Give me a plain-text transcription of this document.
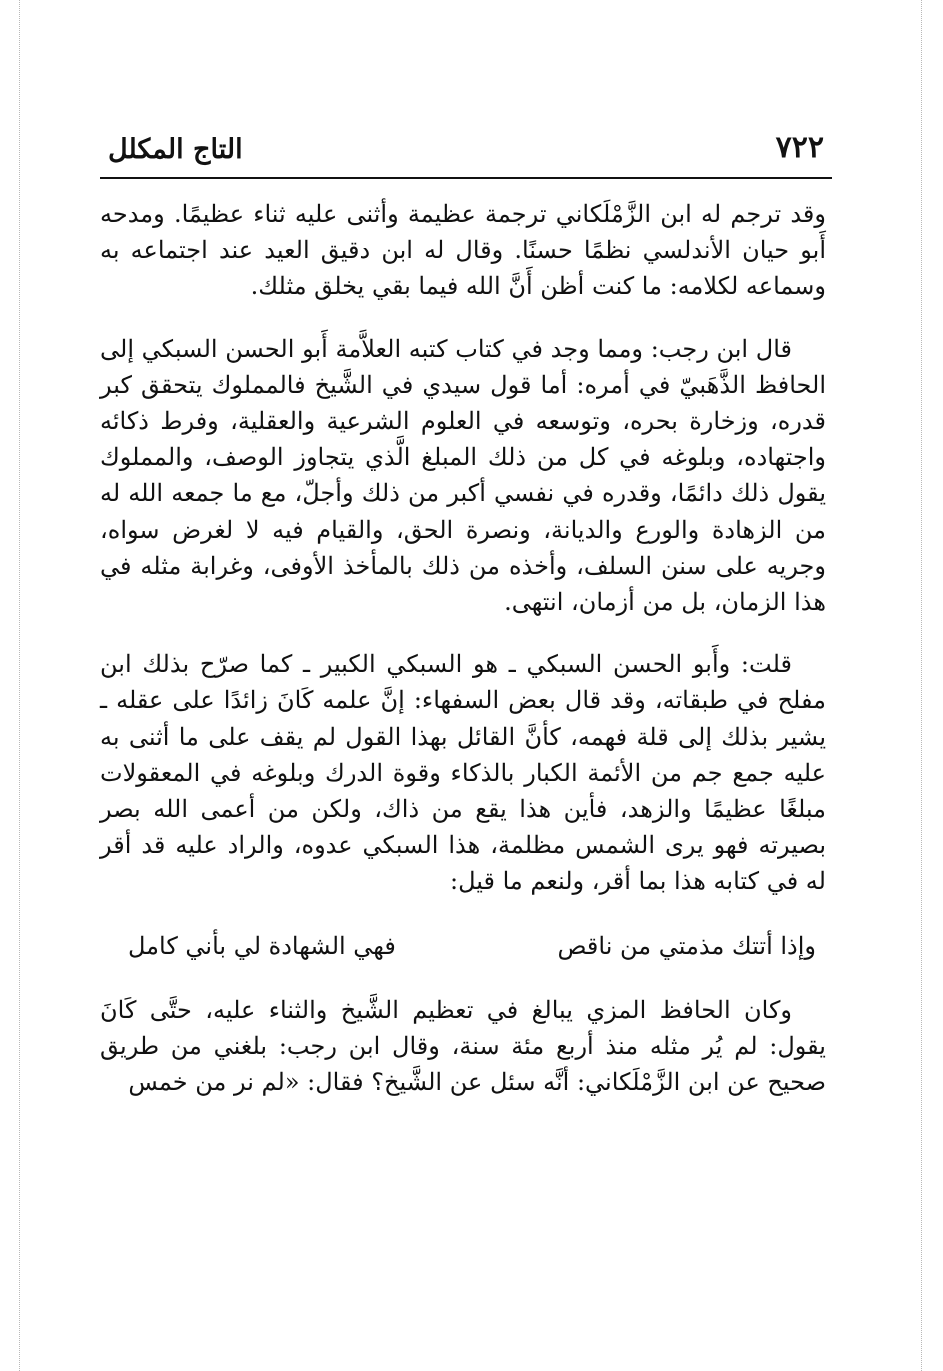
٧٢٢
التاج المكلل

وقد ترجم له ابن الزَّمْلَكاني ترجمة عظيمة وأثنى عليه ثناء عظيمًا. ومدحه أَبو حيان الأندلسي نظمًا حسنًا. وقال له ابن دقيق العيد عند اجتماعه به وسماعه لكلامه: ما كنت أظن أَنَّ الله فيما بقي يخلق مثلك.

قال ابن رجب: ومما وجد في كتاب كتبه العلاَّمة أَبو الحسن السبكي إلى الحافظ الذَّهَبيّ في أمره: أما قول سيدي في الشَّيخ فالمملوك يتحقق كبر قدره، وزخارة بحره، وتوسعه في العلوم الشرعية والعقلية، وفرط ذكائه واجتهاده، وبلوغه في كل من ذلك المبلغ الَّذي يتجاوز الوصف، والمملوك يقول ذلك دائمًا، وقدره في نفسي أكبر من ذلك وأجلّ، مع ما جمعه الله له من الزهادة والورع والديانة، ونصرة الحق، والقيام فيه لا لغرض سواه، وجريه على سنن السلف، وأخذه من ذلك بالمأخذ الأوفى، وغرابة مثله في هذا الزمان، بل من أزمان، انتهى.

قلت: وأَبو الحسن السبكي ـ هو السبكي الكبير ـ كما صرّح بذلك ابن مفلح في طبقاته، وقد قال بعض السفهاء: إنَّ علمه كَانَ زائدًا على عقله ـ يشير بذلك إلى قلة فهمه، كأنَّ القائل بهذا القول لم يقف على ما أثنى به عليه جمع جم من الأئمة الكبار بالذكاء وقوة الدرك وبلوغه في المعقولات مبلغًا عظيمًا والزهد، فأين هذا يقع من ذاك، ولكن من أعمى الله بصر بصيرته فهو يرى الشمس مظلمة، هذا السبكي عدوه، والراد عليه قد أقر له في كتابه هذا بما أقر، ولنعم ما قيل:

وإذا أتتك مذمتي من ناقص
فهي الشهادة لي بأني كامل

وكان الحافظ المزي يبالغ في تعظيم الشَّيخ والثناء عليه، حتَّى كَانَ يقول: لم يُر مثله منذ أربع مئة سنة، وقال ابن رجب: بلغني من طريق صحيح عن ابن الزَّمْلَكاني: أنَّه سئل عن الشَّيخ؟ فقال: «لم نر من خمس
